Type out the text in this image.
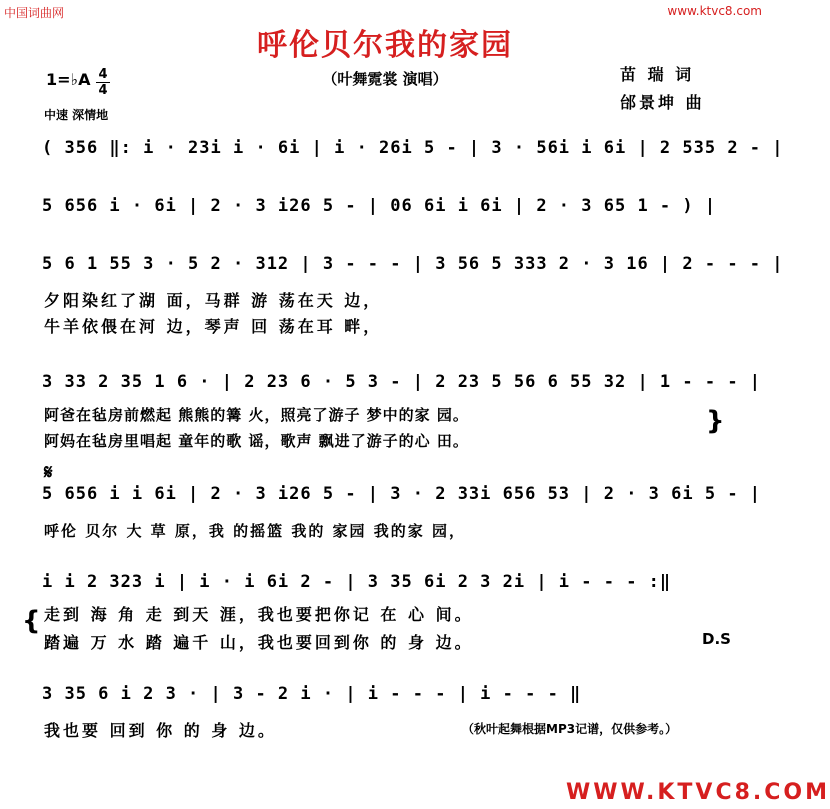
中国词曲网	www.ktvc8.com
呼伦贝尔我的家园
（叶舞霓裳 演唱）	苗 瑞 词
邰景坤 曲
1=♭A 4
4
中速 深情地
( 356 ‖: i · 23i i · 6i | i · 26i 5 - | 3 · 56i i 6i | 2 535 2 - |
5 656 i · 6i | 2 · 3 i26 5 - | 06 6i i 6i | 2 · 3 65 1 - ) |
5 6 1 55 3 · 5 2 · 312 | 3 - - - | 3 56 5 333 2 · 3 16 | 2 - - - |
夕阳染红了湖 面，马群 游 荡在天 边，
牛羊依偎在河 边，琴声 回 荡在耳 畔，
3 33 2 35 1 6 · | 2 23 6 · 5 3 - | 2 23 5 56 6 55 32 | 1 - - - |
阿爸在毡房前燃起 熊熊的篝 火，照亮了游子 梦中的家 园。
阿妈在毡房里唱起 童年的歌 谣，歌声 飘进了游子的心 田。
}
𝄋
5 656 i i 6i | 2 · 3 i26 5 - | 3 · 2 33i 656 53 | 2 · 3 6i 5 - |
呼伦 贝尔 大 草 原，我 的摇篮 我的 家园 我的家 园，
i i 2 323 i | i · i 6i 2 - | 3 35 6i 2 3 2i | i - - - :‖
{ 走到 海 角 走 到天 涯，我也要把你记 在 心 间。
踏遍 万 水 踏 遍千 山，我也要回到你 的 身 边。	D.S
3 35 6 i 2 3 · | 3 - 2 i · | i - - - | i - - - ‖
我也要 回到 你 的 身 边。	（秋叶起舞根据MP3记谱，仅供参考。）
WWW.KTVC8.COM
